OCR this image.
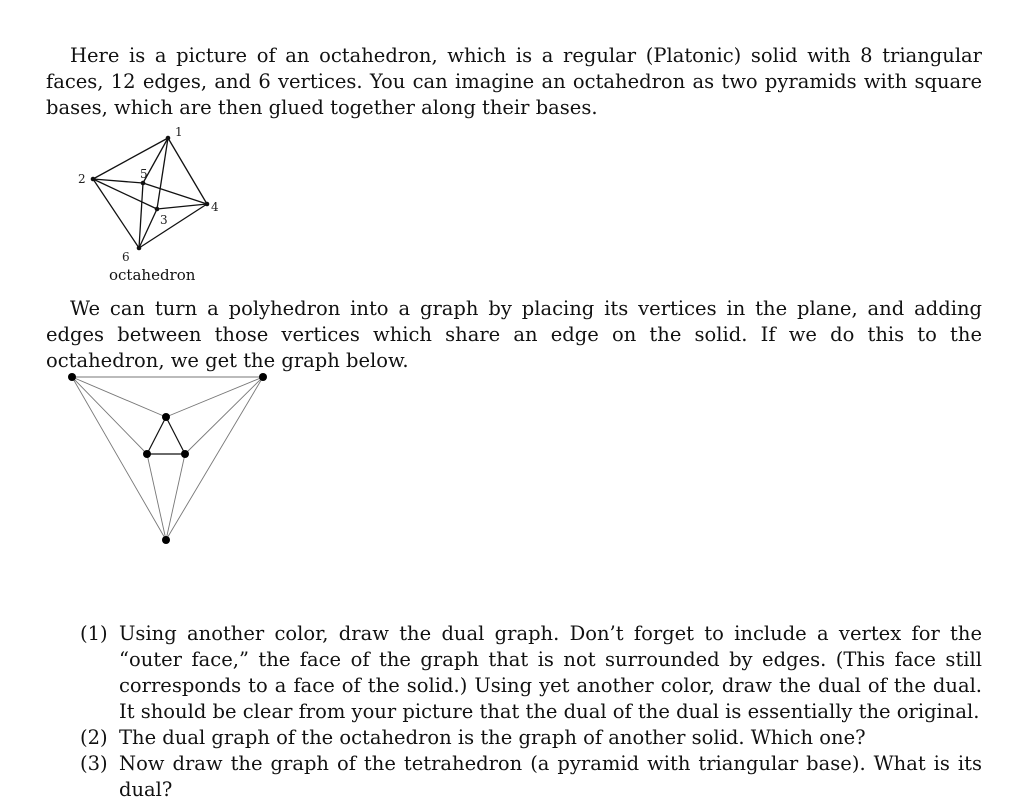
Here is a picture of an octahedron, which is a regular (Platonic) solid with 8 triangular faces, 12 edges, and 6 vertices. You can imagine an octahedron as two pyramids with square bases, which are then glued together along their bases.

1
2
3
4
5
6
octahedron

We can turn a polyhedron into a graph by placing its vertices in the plane, and adding edges between those vertices which share an edge on the solid. If we do this to the octahedron, we get the graph below.

(1) Using another color, draw the dual graph. Don’t forget to include a vertex for the “outer face,” the face of the graph that is not surrounded by edges. (This face still corresponds to a face of the solid.) Using yet another color, draw the dual of the dual. It should be clear from your picture that the dual of the dual is essentially the original.
(2) The dual graph of the octahedron is the graph of another solid. Which one?
(3) Now draw the graph of the tetrahedron (a pyramid with triangular base). What is its dual?
